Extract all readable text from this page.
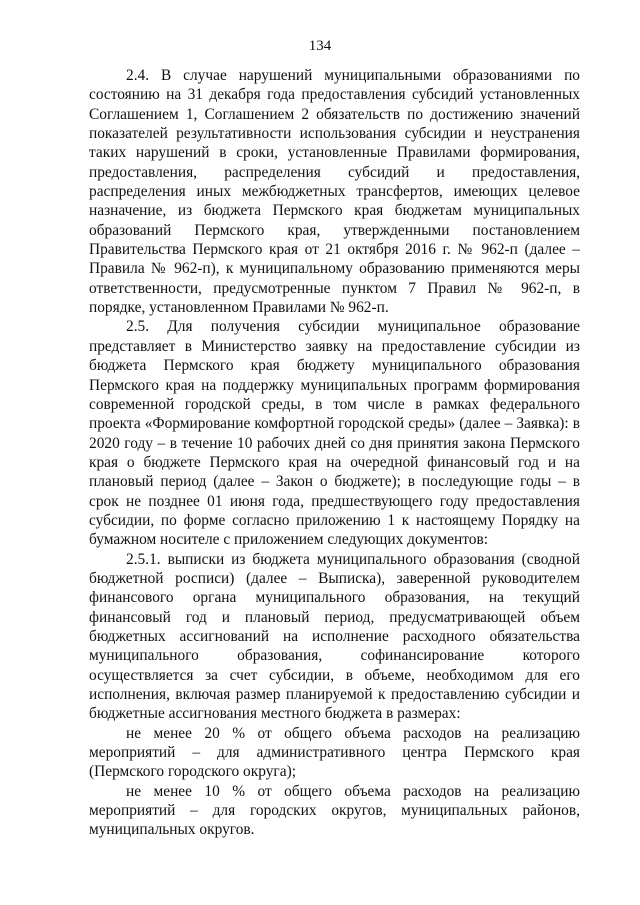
134

2.4. В случае нарушений муниципальными образованиями по состоянию на 31 декабря года предоставления субсидий установленных Соглашением 1, Соглашением 2 обязательств по достижению значений показателей результативности использования субсидии и неустранения таких нарушений в сроки, установленные Правилами формирования, предоставления, распределения субсидий и предоставления, распределения иных межбюджетных трансфертов, имеющих целевое назначение, из бюджета Пермского края бюджетам муниципальных образований Пермского края, утвержденными постановлением Правительства Пермского края от 21 октября 2016 г. № 962-п (далее – Правила № 962-п), к муниципальному образованию применяются меры ответственности, предусмотренные пунктом 7 Правил № 962-п, в порядке, установленном Правилами № 962-п.

2.5. Для получения субсидии муниципальное образование представляет в Министерство заявку на предоставление субсидии из бюджета Пермского края бюджету муниципального образования Пермского края на поддержку муниципальных программ формирования современной городской среды, в том числе в рамках федерального проекта «Формирование комфортной городской среды» (далее – Заявка): в 2020 году – в течение 10 рабочих дней со дня принятия закона Пермского края о бюджете Пермского края на очередной финансовый год и на плановый период (далее – Закон о бюджете); в последующие годы – в срок не позднее 01 июня года, предшествующего году предоставления субсидии, по форме согласно приложению 1 к настоящему Порядку на бумажном носителе с приложением следующих документов:

2.5.1. выписки из бюджета муниципального образования (сводной бюджетной росписи) (далее – Выписка), заверенной руководителем финансового органа муниципального образования, на текущий финансовый год и плановый период, предусматривающей объем бюджетных ассигнований на исполнение расходного обязательства муниципального образования, софинансирование которого осуществляется за счет субсидии, в объеме, необходимом для его исполнения, включая размер планируемой к предоставлению субсидии и бюджетные ассигнования местного бюджета в размерах:

не менее 20 % от общего объема расходов на реализацию мероприятий – для административного центра Пермского края (Пермского городского округа);

не менее 10 % от общего объема расходов на реализацию мероприятий – для городских округов, муниципальных районов, муниципальных округов.
